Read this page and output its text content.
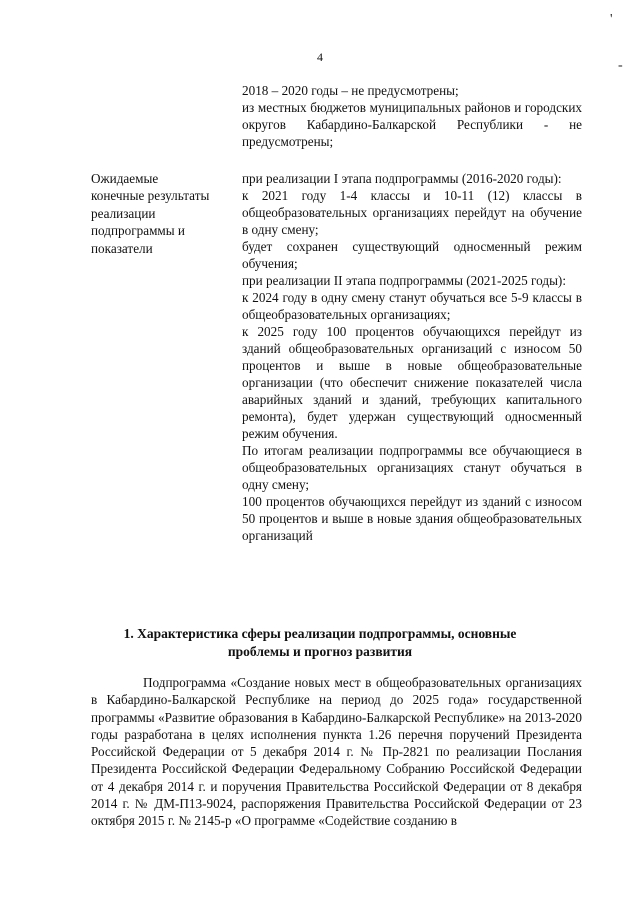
4
'
-

2018 – 2020 годы – не предусмотрены;

из местных бюджетов муниципальных районов и городских округов Кабардино-Балкарской Республики - не предусмотрены;

Ожидаемые
конечные результаты
реализации
подпрограммы и
показатели

при реализации I этапа подпрограммы (2016-2020 годы):

к 2021 году 1-4 классы и 10-11 (12) классы в общеобразовательных организациях перейдут на обучение в одну смену;

будет сохранен существующий односменный режим обучения;

при реализации II этапа подпрограммы (2021-2025 годы):

к 2024 году в одну смену станут обучаться все 5-9 классы в общеобразовательных организациях;

к 2025 году 100 процентов обучающихся перейдут из зданий общеобразовательных организаций с износом 50 процентов и выше в новые общеобразовательные организации (что обеспечит снижение показателей числа аварийных зданий и зданий, требующих капитального ремонта), будет удержан существующий односменный режим обучения.

По итогам реализации подпрограммы все обучающиеся в общеобразовательных организациях станут обучаться в одну смену;

100 процентов обучающихся перейдут из зданий с износом 50 процентов и выше в новые здания общеобразовательных организаций

1. Характеристика сферы реализации подпрограммы, основные
проблемы и прогноз развития

Подпрограмма «Создание новых мест в общеобразовательных организациях в Кабардино-Балкарской Республике на период до 2025 года» государственной программы «Развитие образования в Кабардино-Балкарской Республике» на 2013-2020 годы разработана в целях исполнения пункта 1.26 перечня поручений Президента Российской Федерации от 5 декабря 2014 г. № Пр-2821 по реализации Послания Президента Российской Федерации Федеральному Собранию Российской Федерации от 4 декабря 2014 г. и поручения Правительства Российской Федерации от 8 декабря 2014 г. № ДМ-П13-9024, распоряжения Правительства Российской Федерации от 23 октября 2015 г. № 2145-р «О программе «Содействие созданию в
